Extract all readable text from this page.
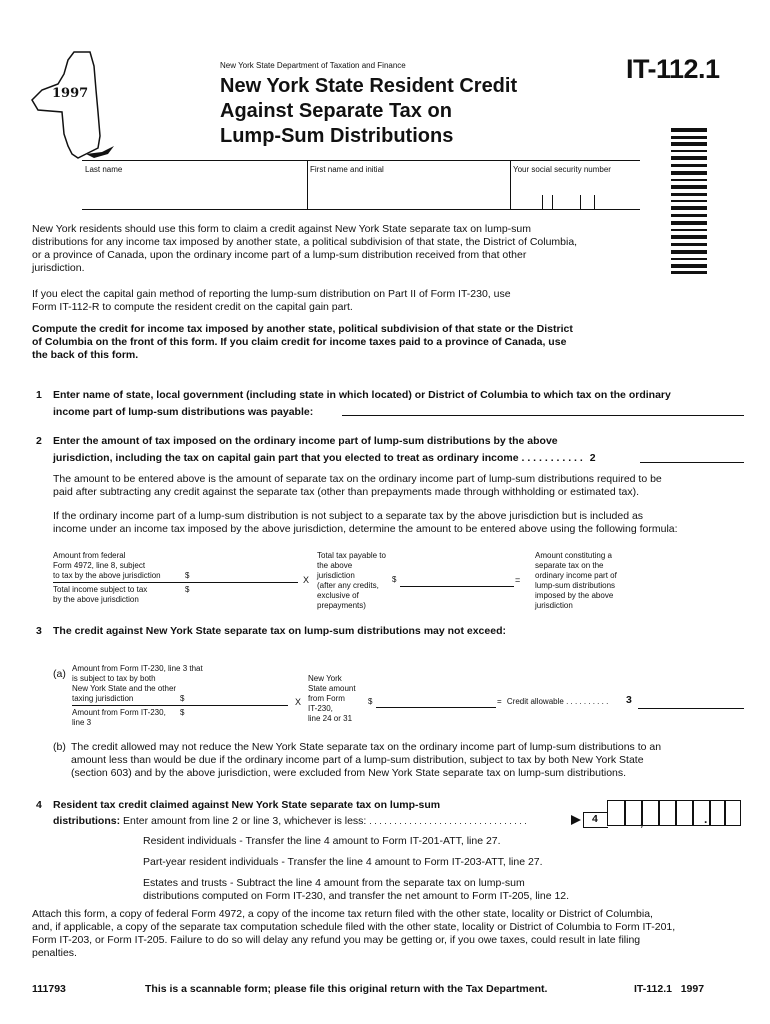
1997
New York State Department of Taxation and Finance
New York State Resident Credit
Against Separate Tax on
Lump-Sum Distributions
IT-112.1
Last name	First name and initial	Your social security number
New York residents should use this form to claim a credit against New York State separate tax on lump-sum
distributions for any income tax imposed by another state, a political subdivision of that state, the District of Columbia,
or a province of Canada, upon the ordinary income part of a lump-sum distribution received from that other
jurisdiction.
If you elect the capital gain method of reporting the lump-sum distribution on Part II of Form IT-230, use
Form IT-112-R to compute the resident credit on the capital gain part.
Compute the credit for income tax imposed by another state, political subdivision of that state or the District
of Columbia on the front of this form. If you claim credit for income taxes paid to a province of Canada, use
the back of this form.
1 Enter name of state, local government (including state in which located) or District of Columbia to which tax on the ordinary
income part of lump-sum distributions was payable:
2 Enter the amount of tax imposed on the ordinary income part of lump-sum distributions by the above
jurisdiction, including the tax on capital gain part that you elected to treat as ordinary income . . . . . . . . . . . 2
The amount to be entered above is the amount of separate tax on the ordinary income part of lump-sum distributions required to be
paid after subtracting any credit against the separate tax (other than prepayments made through withholding or estimated tax).
If the ordinary income part of a lump-sum distribution is not subject to a separate tax by the above jurisdiction but is included as
income under an income tax imposed by the above jurisdiction, determine the amount to be entered above using the following formula:
Amount from federal
Form 4972, line 8, subject
to tax by the above jurisdiction	$
Total income subject to tax
by the above jurisdiction
$
X
Total tax payable to
the above
jurisdiction
(after any credits,
exclusive of
prepayments)
$	=
Amount constituting a
separate tax on the
ordinary income part of
lump-sum distributions
imposed by the above
jurisdiction
3 The credit against New York State separate tax on lump-sum distributions may not exceed:
(a) Amount from Form IT-230, line 3 that
is subject to tax by both
New York State and the other
taxing jurisdiction	$
Amount from Form IT-230,
line 3
$
X
New York
State amount
from Form
IT-230,
line 24 or 31
$	= Credit allowable . . . . . . . . . . 3
(b) The credit allowed may not reduce the New York State separate tax on the ordinary income part of lump-sum distributions to an
amount less than would be due if the ordinary income part of a lump-sum distribution, subject to tax by both New York State
(section 603) and by the above jurisdiction, were excluded from New York State separate tax on lump-sum distributions.
4 Resident tax credit claimed against New York State separate tax on lump-sum
distributions: Enter amount from line 2 or line 3, whichever is less: . . . . . . . . . . . . . . . . . . . . . . . . . . . . . . . .	4	,	.
Resident individuals - Transfer the line 4 amount to Form IT-201-ATT, line 27.
Part-year resident individuals - Transfer the line 4 amount to Form IT-203-ATT, line 27.
Estates and trusts - Subtract the line 4 amount from the separate tax on lump-sum
distributions computed on Form IT-230, and transfer the net amount to Form IT-205, line 12.
Attach this form, a copy of federal Form 4972, a copy of the income tax return filed with the other state, locality or District of Columbia,
and, if applicable, a copy of the separate tax computation schedule filed with the other state, locality or District of Columbia to Form IT-201,
Form IT-203, or Form IT-205. Failure to do so will delay any refund you may be getting or, if you owe taxes, could result in late filing
penalties.
111793	This is a scannable form; please file this original return with the Tax Department.	IT-112.1   1997
